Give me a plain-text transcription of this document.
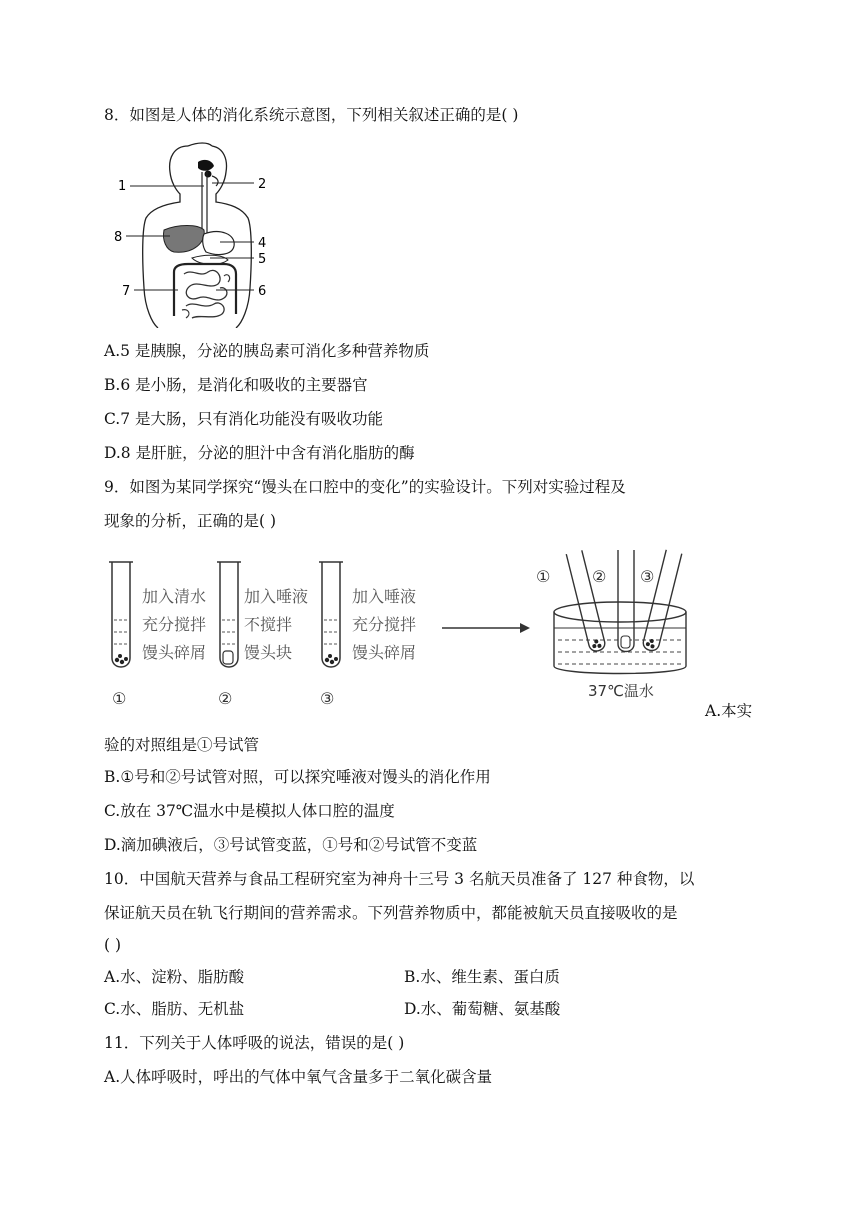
8．如图是人体的消化系统示意图，下列相关叙述正确的是( )
1	2
8	4
5
7	6
A.5 是胰腺，分泌的胰岛素可消化多种营养物质
B.6 是小肠，是消化和吸收的主要器官
C.7 是大肠，只有消化功能没有吸收功能
D.8 是肝脏，分泌的胆汁中含有消化脂肪的酶
9．如图为某同学探究“馒头在口腔中的变化”的实验设计。下列对实验过程及
现象的分析，正确的是( )
加入清水
充分搅拌
馒头碎屑
①
加入唾液
不搅拌
馒头块
②
加入唾液
充分搅拌
馒头碎屑
③
①	② ③
37℃温水
A.本实
验的对照组是①号试管
B.①号和②号试管对照，可以探究唾液对馒头的消化作用
C.放在 37℃温水中是模拟人体口腔的温度
D.滴加碘液后，③号试管变蓝，①号和②号试管不变蓝
10．中国航天营养与食品工程研究室为神舟十三号 3 名航天员准备了 127 种食物，以
保证航天员在轨飞行期间的营养需求。下列营养物质中，都能被航天员直接吸收的是
( )
A.水、淀粉、脂肪酸	B.水、维生素、蛋白质
C.水、脂肪、无机盐	D.水、葡萄糖、氨基酸
11．下列关于人体呼吸的说法，错误的是( )
A.人体呼吸时，呼出的气体中氧气含量多于二氧化碳含量
